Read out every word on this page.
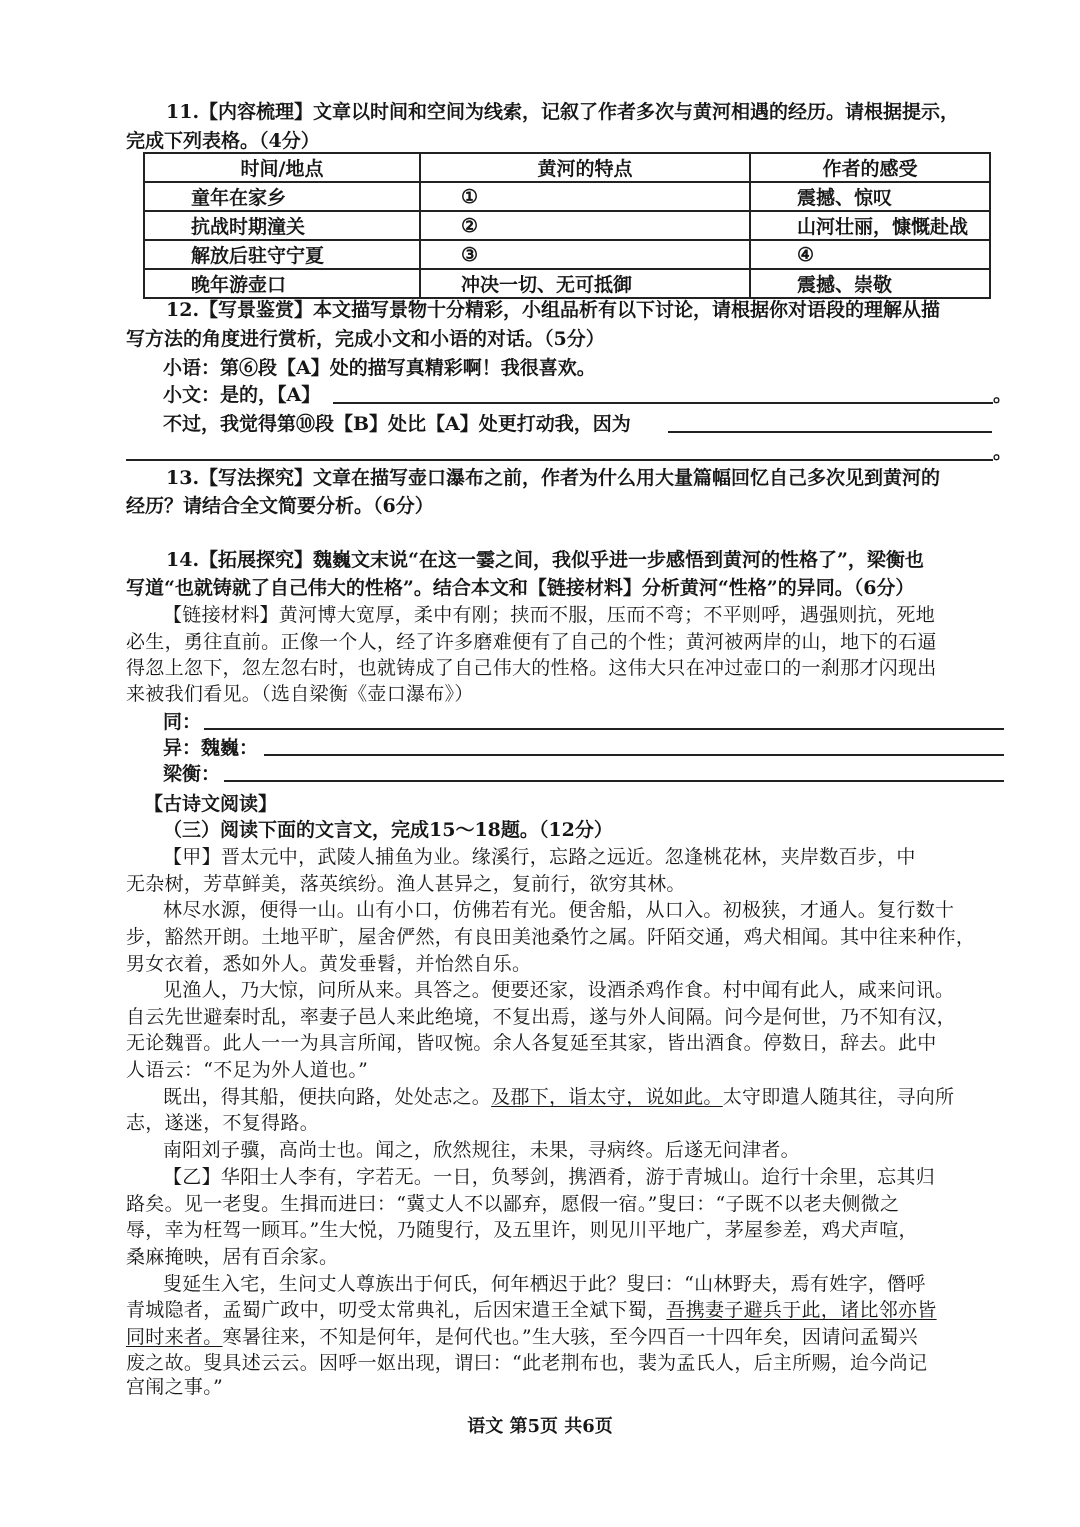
11.【内容梳理】文章以时间和空间为线索，记叙了作者多次与黄河相遇的经历。请根据提示，
完成下列表格。（4分）
时间/地点	黄河的特点	作者的感受
童年在家乡	①	震撼、惊叹
抗战时期潼关	②	山河壮丽，慷慨赴战
解放后驻守宁夏	③	④
晚年游壶口	冲决一切、无可抵御	震撼、崇敬
12.【写景鉴赏】本文描写景物十分精彩，小组品析有以下讨论，请根据你对语段的理解从描
写方法的角度进行赏析，完成小文和小语的对话。（5分）
小语：第⑥段【A】处的描写真精彩啊！我很喜欢。
小文：是的，【A】	。
不过，我觉得第⑩段【B】处比【A】处更打动我，因为
。
13.【写法探究】文章在描写壶口瀑布之前，作者为什么用大量篇幅回忆自己多次见到黄河的
经历？请结合全文简要分析。（6分）
14.【拓展探究】魏巍文末说“在这一霎之间，我似乎进一步感悟到黄河的性格了”，梁衡也
写道“也就铸就了自己伟大的性格”。结合本文和【链接材料】分析黄河“性格”的异同。（6分）
【链接材料】黄河博大宽厚，柔中有刚；挟而不服，压而不弯；不平则呼，遇强则抗，死地
必生，勇往直前。正像一个人，经了许多磨难便有了自己的个性；黄河被两岸的山，地下的石逼
得忽上忽下，忽左忽右时，也就铸成了自己伟大的性格。这伟大只在冲过壶口的一刹那才闪现出
来被我们看见。（选自梁衡《壶口瀑布》）
同：
异：魏巍：
梁衡：
【古诗文阅读】
（三）阅读下面的文言文，完成15～18题。（12分）
【甲】晋太元中，武陵人捕鱼为业。缘溪行，忘路之远近。忽逢桃花林，夹岸数百步，中
无杂树，芳草鲜美，落英缤纷。渔人甚异之，复前行，欲穷其林。
林尽水源，便得一山。山有小口，仿佛若有光。便舍船，从口入。初极狭，才通人。复行数十
步，豁然开朗。土地平旷，屋舍俨然，有良田美池桑竹之属。阡陌交通，鸡犬相闻。其中往来种作，
男女衣着，悉如外人。黄发垂髫，并怡然自乐。
见渔人，乃大惊，问所从来。具答之。便要还家，设酒杀鸡作食。村中闻有此人，咸来问讯。
自云先世避秦时乱，率妻子邑人来此绝境，不复出焉，遂与外人间隔。问今是何世，乃不知有汉，
无论魏晋。此人一一为具言所闻，皆叹惋。余人各复延至其家，皆出酒食。停数日，辞去。此中
人语云：“不足为外人道也。”
既出，得其船，便扶向路，处处志之。及郡下，诣太守，说如此。太守即遣人随其往，寻向所
志，遂迷，不复得路。
南阳刘子骥，高尚士也。闻之，欣然规往，未果，寻病终。后遂无问津者。
【乙】华阳士人李有，字若无。一日，负琴剑，携酒肴，游于青城山。迨行十余里，忘其归
路矣。见一老叟。生揖而进曰：“冀丈人不以鄙弃，愿假一宿。”叟曰：“子既不以老夫侧微之
辱，幸为枉驾一顾耳。”生大悦，乃随叟行，及五里许，则见川平地广，茅屋参差，鸡犬声喧，
桑麻掩映，居有百余家。
叟延生入宅，生问丈人尊族出于何氏，何年栖迟于此？叟曰：“山林野夫，焉有姓字，僭呼
青城隐者，孟蜀广政中，叨受太常典礼，后因宋遣王全斌下蜀，吾携妻子避兵于此，诸比邻亦皆
同时来者。寒暑往来，不知是何年，是何代也。”生大骇，至今四百一十四年矣，因请问孟蜀兴
废之故。叟具述云云。因呼一妪出现，谓曰：“此老荆布也，裴为孟氏人，后主所赐，迨今尚记
宫闱之事。”
语文 第5页 共6页
